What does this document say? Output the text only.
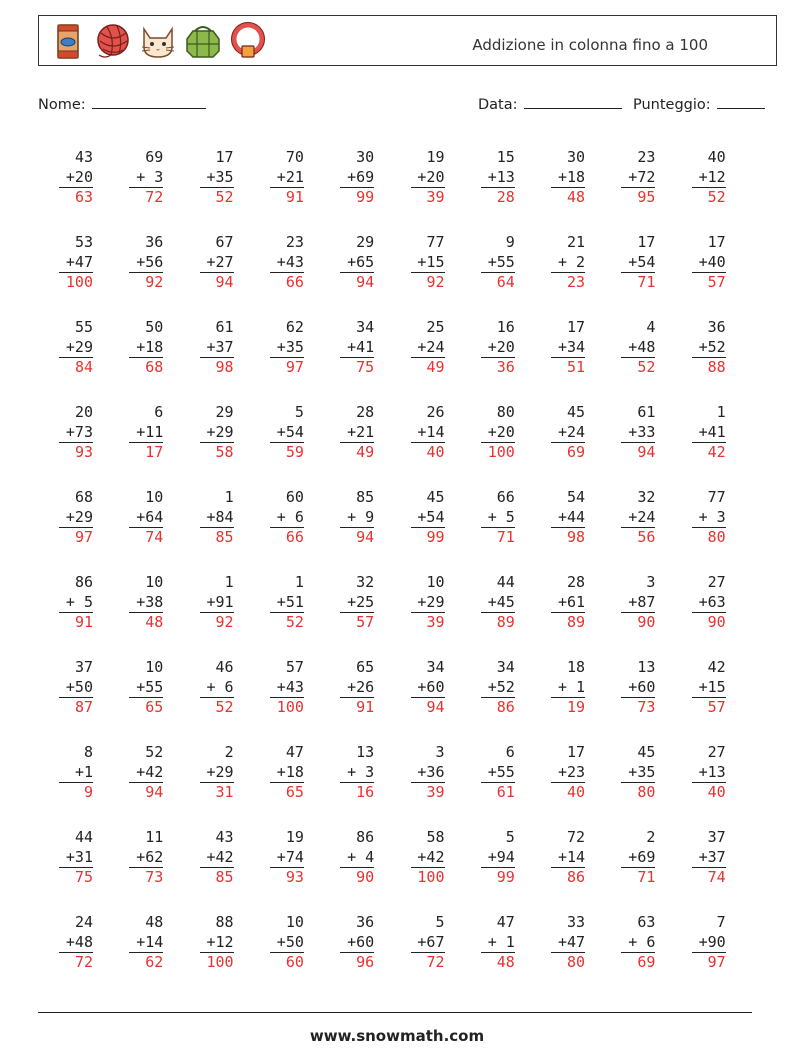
Addizione in colonna fino a 100
Nome:	Data:	Punteggio:
43
+20
63
69
+ 3
72
17
+35
52
70
+21
91
30
+69
99
19
+20
39
15
+13
28
30
+18
48
23
+72
95
40
+12
52
53
+47
100
36
+56
92
67
+27
94
23
+43
66
29
+65
94
77
+15
92
9
+55
64
21
+ 2
23
17
+54
71
17
+40
57
55
+29
84
50
+18
68
61
+37
98
62
+35
97
34
+41
75
25
+24
49
16
+20
36
17
+34
51
4
+48
52
36
+52
88
20
+73
93
6
+11
17
29
+29
58
5
+54
59
28
+21
49
26
+14
40
80
+20
100
45
+24
69
61
+33
94
1
+41
42
68
+29
97
10
+64
74
1
+84
85
60
+ 6
66
85
+ 9
94
45
+54
99
66
+ 5
71
54
+44
98
32
+24
56
77
+ 3
80
86
+ 5
91
10
+38
48
1
+91
92
1
+51
52
32
+25
57
10
+29
39
44
+45
89
28
+61
89
3
+87
90
27
+63
90
37
+50
87
10
+55
65
46
+ 6
52
57
+43
100
65
+26
91
34
+60
94
34
+52
86
18
+ 1
19
13
+60
73
42
+15
57
8
+1
9
52
+42
94
2
+29
31
47
+18
65
13
+ 3
16
3
+36
39
6
+55
61
17
+23
40
45
+35
80
27
+13
40
44
+31
75
11
+62
73
43
+42
85
19
+74
93
86
+ 4
90
58
+42
100
5
+94
99
72
+14
86
2
+69
71
37
+37
74
24
+48
72
48
+14
62
88
+12
100
10
+50
60
36
+60
96
5
+67
72
47
+ 1
48
33
+47
80
63
+ 6
69
7
+90
97
www.snowmath.com
